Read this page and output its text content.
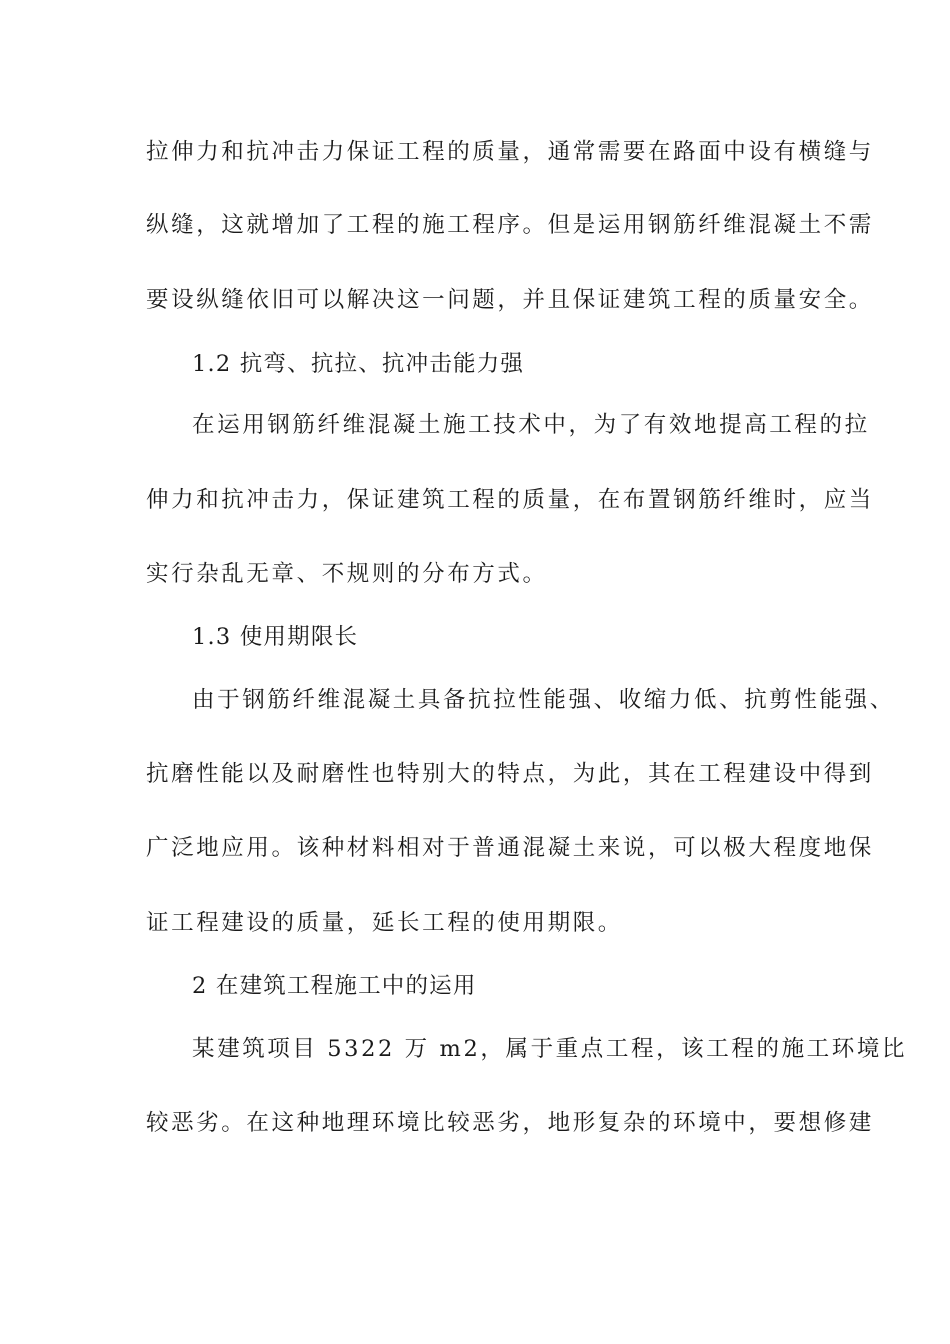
拉伸力和抗冲击力保证工程的质量，通常需要在路面中设有横缝与
纵缝，这就增加了工程的施工程序。但是运用钢筋纤维混凝土不需
要设纵缝依旧可以解决这一问题，并且保证建筑工程的质量安全。
1.2 抗弯、抗拉、抗冲击能力强
在运用钢筋纤维混凝土施工技术中，为了有效地提高工程的拉
伸力和抗冲击力，保证建筑工程的质量，在布置钢筋纤维时，应当
实行杂乱无章、不规则的分布方式。
1.3 使用期限长
由于钢筋纤维混凝土具备抗拉性能强、收缩力低、抗剪性能强、
抗磨性能以及耐磨性也特别大的特点，为此，其在工程建设中得到
广泛地应用。该种材料相对于普通混凝土来说，可以极大程度地保
证工程建设的质量，延长工程的使用期限。
2 在建筑工程施工中的运用
某建筑项目 5322 万 m2，属于重点工程，该工程的施工环境比
较恶劣。在这种地理环境比较恶劣，地形复杂的环境中，要想修建
